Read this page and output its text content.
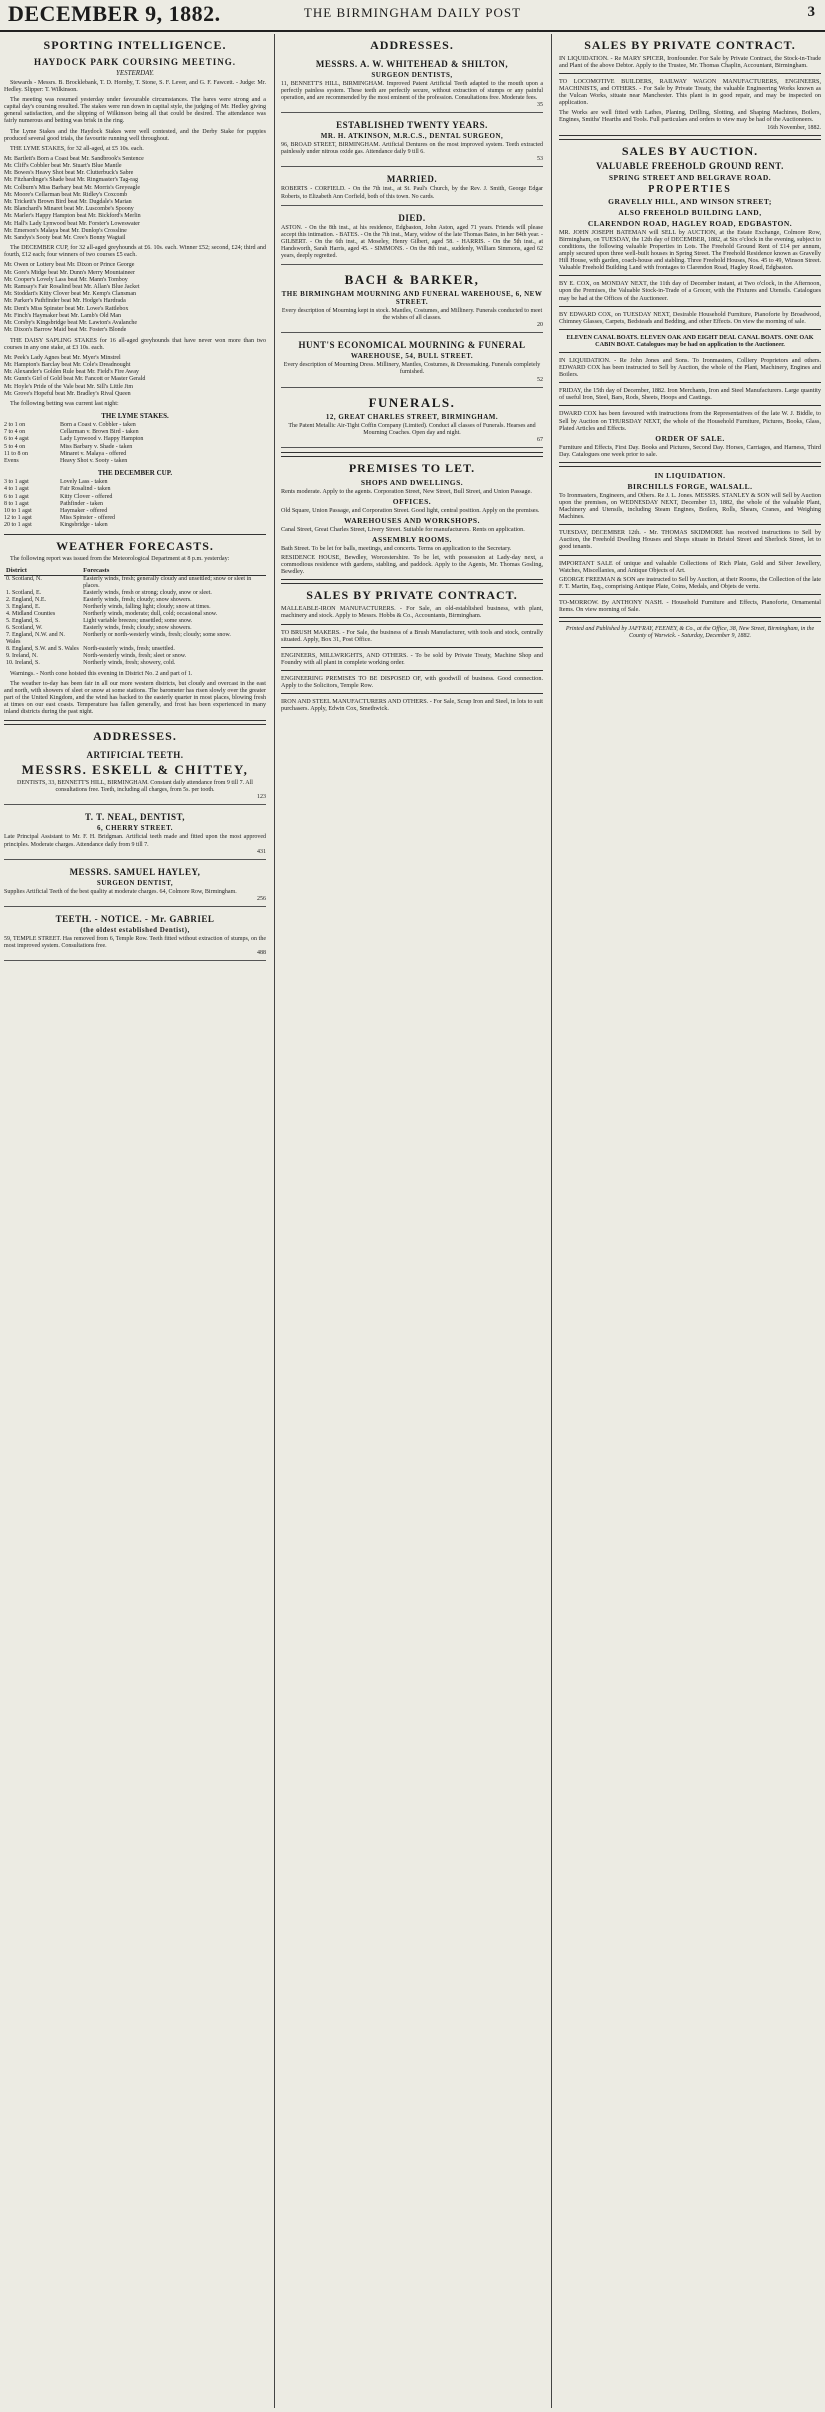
DECEMBER 9, 1882.	THE BIRMINGHAM DAILY POST	3
SPORTING INTELLIGENCE.
HAYDOCK PARK COURSING MEETING.
YESTERDAY.

Stewards - Messrs. B. Brocklebank, T. D. Hornby, T. Stone, S. F. Lever, and G. F. Fawcett. - Judge: Mr. Hedley. Slipper: T. Wilkinson.

The meeting was resumed yesterday under favourable circumstances. The hares were strong and a capital day's coursing resulted. The stakes were run down in capital style, the judging of Mr. Hedley giving general satisfaction, and the slipping of Wilkinson being all that could be desired. The attendance was fairly numerous and betting was brisk in the ring.

The Lyme Stakes and the Haydock Stakes were well contested, and the Derby Stake for puppies produced several good trials, the favourite running well throughout.

THE LYME STAKES, for 32 all-aged, at £5 10s. each.

Mr. Bartlett's Born a Coast beat Mr. Sandbrook's Sentence
Mr. Cliff's Cobbler beat Mr. Stuart's Blue Mantle
Mr. Bowes's Heavy Shot beat Mr. Clutterbuck's Sabre
Mr. Fitzhardinge's Shade beat Mr. Ringmaster's Tag-rag
Mr. Colburn's Miss Barbary beat Mr. Morris's Greyeagle
Mr. Moore's Cellarman beat Mr. Ridley's Coxcomb
Mr. Trickett's Brown Bird beat Mr. Dugdale's Marian
Mr. Blanchard's Minaret beat Mr. Luscombe's Spoony
Mr. Marler's Happy Hampton beat Mr. Bickford's Merlin
Mr. Hall's Lady Lynwood beat Mr. Forster's Loweswater
Mr. Emerson's Malaya beat Mr. Dunlop's Crossline
Mr. Sandys's Sooty beat Mr. Cree's Bonny Wagtail

The DECEMBER CUP, for 32 all-aged greyhounds at £6. 10s. each. Winner £52; second, £24; third and fourth, £12 each; four winners of two courses £5 each.

Mr. Owen or Lottery beat Mr. Dixon or Prince George
Mr. Gore's Midge beat Mr. Dunn's Merry Mountaineer
Mr. Cooper's Lovely Lass beat Mr. Mann's Tomboy
Mr. Ramsay's Fair Rosalind beat Mr. Allan's Blue Jacket
Mr. Stoddart's Kitty Clover beat Mr. Kemp's Clansman
Mr. Parker's Pathfinder beat Mr. Hodge's Hardrada
Mr. Dent's Miss Spinster beat Mr. Lowe's Rattlebox
Mr. Finch's Haymaker beat Mr. Lamb's Old Man
Mr. Corsby's Kingsbridge beat Mr. Lawton's Avalanche
Mr. Dixon's Barrow Maid beat Mr. Foster's Blonde

THE DAISY SAPLING STAKES for 16 all-aged greyhounds that have never won more than two courses in any one stake, at £3 10s. each.

Mr. Peek's Lady Agnes beat Mr. Myer's Minstrel
Mr. Hampton's Barclay beat Mr. Cole's Dreadnought
Mr. Alexander's Golden Rule beat Mr. Field's Fire Away
Mr. Gunn's Girl of Gold beat Mr. Fancott or Master Gerald
Mr. Hoyle's Pride of the Vale beat Mr. Sill's Little Jim
Mr. Grove's Hopeful beat Mr. Bradley's Rival Queen

The following betting was current last night:

THE LYME STAKES.
2 to 1 on	Born a Coast v. Cobbler - taken
7 to 4 on	Cellarman v. Brown Bird - taken
6 to 4 agst	Lady Lynwood v. Happy Hampton
5 to 4 on	Miss Barbary v. Shade - taken
11 to 8 on	Minaret v. Malaya - offered
Evens	Heavy Shot v. Sooty - taken
THE DECEMBER CUP.
3 to 1 agst	Lovely Lass - taken
4 to 1 agst	Fair Rosalind - taken
6 to 1 agst	Kitty Clover - offered
8 to 1 agst	Pathfinder - taken
10 to 1 agst	Haymaker - offered
12 to 1 agst	Miss Spinster - offered
20 to 1 agst	Kingsbridge - taken
WEATHER FORECASTS.

The following report was issued from the Meteorological Department at 8 p.m. yesterday:

District	Forecasts
0. Scotland, N.	Easterly winds, fresh; generally cloudy and unsettled; snow or sleet in places.
1. Scotland, E.	Easterly winds, fresh or strong; cloudy, snow or sleet.
2. England, N.E.	Easterly winds, fresh; cloudy; snow showers.
3. England, E.	Northerly winds, falling light; cloudy; snow at times.
4. Midland Counties	Northerly winds, moderate; dull, cold; occasional snow.
5. England, S.	Light variable breezes; unsettled; some snow.
6. Scotland, W.	Easterly winds, fresh; cloudy; snow showers.
7. England, N.W. and N. Wales	Northerly or north-westerly winds, fresh; cloudy; some snow.
8. England, S.W. and S. Wales	North-easterly winds, fresh; unsettled.
9. Ireland, N.	North-westerly winds, fresh; sleet or snow.
10. Ireland, S.	Northerly winds, fresh; showery, cold.

Warnings. - North cone hoisted this evening in District No. 2 and part of 1.

The weather to-day has been fair in all our more western districts, but cloudy and overcast in the east and north, with showers of sleet or snow at some stations. The barometer has risen slowly over the greater part of the United Kingdom, and the wind has backed to the easterly quarter in most places, blowing fresh at times on our east coasts. Temperature has fallen generally, and frost has been experienced in many inland districts during the past night.

ADDRESSES.
ARTIFICIAL TEETH.
MESSRS. ESKELL & CHITTEY,
DENTISTS, 33, BENNETT'S HILL, BIRMINGHAM. Constant daily attendance from 9 till 7. All consultations free. Teeth, including all charges, from 5s. per tooth.
123
T. T. NEAL, DENTIST,
6, CHERRY STREET.
Late Principal Assistant to Mr. F. H. Bridgman. Artificial teeth made and fitted upon the most approved principles. Moderate charges. Attendance daily from 9 till 7.
431
MESSRS. SAMUEL HAYLEY,
SURGEON DENTIST,
Supplies Artificial Teeth of the best quality at moderate charges. 64, Colmore Row, Birmingham.
256
TEETH. - NOTICE. - Mr. GABRIEL
(the oldest established Dentist),
59, TEMPLE STREET. Has removed from 6, Temple Row. Teeth fitted without extraction of stumps, on the most improved system. Consultations free.
488
ADDRESSES.
MESSRS. A. W. WHITEHEAD & SHILTON,
SURGEON DENTISTS,
11, BENNETT'S HILL, BIRMINGHAM. Improved Patent Artificial Teeth adapted to the mouth upon a perfectly painless system. These teeth are perfectly secure, without extraction of stumps or any painful operation, and are recommended by the most eminent of the profession. Consultations free. Moderate fees.
35
ESTABLISHED TWENTY YEARS.
MR. H. ATKINSON, M.R.C.S., DENTAL SURGEON,
96, BROAD STREET, BIRMINGHAM. Artificial Dentures on the most improved system. Teeth extracted painlessly under nitrous oxide gas. Attendance daily 9 till 6.
53
MARRIED.
ROBERTS - CORFIELD. - On the 7th inst., at St. Paul's Church, by the Rev. J. Smith, George Edgar Roberts, to Elizabeth Ann Corfield, both of this town. No cards.
DIED.
ASTON. - On the 8th inst., at his residence, Edgbaston, John Aston, aged 71 years. Friends will please accept this intimation. - BATES. - On the 7th inst., Mary, widow of the late Thomas Bates, in her 84th year. - GILBERT. - On the 6th inst., at Moseley, Henry Gilbert, aged 58. - HARRIS. - On the 5th inst., at Handsworth, Sarah Harris, aged 45. - SIMMONS. - On the 8th inst., suddenly, William Simmons, aged 62 years, deeply regretted.
BACH & BARKER,
THE BIRMINGHAM MOURNING AND FUNERAL WAREHOUSE, 6, NEW STREET.
Every description of Mourning kept in stock. Mantles, Costumes, and Millinery. Funerals conducted to meet the wishes of all classes.
20
HUNT'S ECONOMICAL MOURNING & FUNERAL
WAREHOUSE, 54, BULL STREET.
Every description of Mourning Dress. Millinery, Mantles, Costumes, & Dressmaking. Funerals completely furnished.
52
FUNERALS.
12, GREAT CHARLES STREET, BIRMINGHAM.
The Patent Metallic Air-Tight Coffin Company (Limited). Conduct all classes of Funerals. Hearses and Mourning Coaches. Open day and night.
67
PREMISES TO LET.
SHOPS AND DWELLINGS.

Rents moderate. Apply to the agents. Corporation Street, New Street, Bull Street, and Union Passage.

OFFICES.

Old Square, Union Passage, and Corporation Street. Good light, central position. Apply on the premises.

WAREHOUSES AND WORKSHOPS.

Canal Street, Great Charles Street, Livery Street. Suitable for manufacturers. Rents on application.

ASSEMBLY ROOMS.

Bath Street. To be let for balls, meetings, and concerts. Terms on application to the Secretary.

RESIDENCE HOUSE, Bewdley, Worcestershire. To be let, with possession at Lady-day next, a commodious residence with gardens, stabling, and paddock. Apply to the Agents, Mr. Thomas Gosling, Bewdley.

SALES BY PRIVATE CONTRACT.

MALLEABLE-IRON MANUFACTURERS. - For Sale, an old-established business, with plant, machinery and stock. Apply to Messrs. Hobbs & Co., Accountants, Birmingham.

TO BRUSH MAKERS. - For Sale, the business of a Brush Manufacturer, with tools and stock, centrally situated. Apply, Box 31, Post Office.

ENGINEERS, MILLWRIGHTS, AND OTHERS. - To be sold by Private Treaty, Machine Shop and Foundry with all plant in complete working order.

ENGINEERING PREMISES TO BE DISPOSED OF, with goodwill of business. Good connection. Apply to the Solicitors, Temple Row.

IRON AND STEEL MANUFACTURERS AND OTHERS. - For Sale, Scrap Iron and Steel, in lots to suit purchasers. Apply, Edwin Cox, Smethwick.

SALES BY PRIVATE CONTRACT.

IN LIQUIDATION. - Re MARY SPICER, Ironfounder. For Sale by Private Contract, the Stock-in-Trade and Plant of the above Debtor. Apply to the Trustee, Mr. Thomas Chaplin, Accountant, Birmingham.

TO LOCOMOTIVE BUILDERS, RAILWAY WAGON MANUFACTURERS, ENGINEERS, MACHINISTS, and OTHERS. - For Sale by Private Treaty, the valuable Engineering Works known as the Vulcan Works, situate near Manchester. This plant is in good repair, and may be inspected on application.

The Works are well fitted with Lathes, Planing, Drilling, Slotting, and Shaping Machines, Boilers, Engines, Smiths' Hearths and Tools. Full particulars and orders to view may be had of the Auctioneers.

16th November, 1882.
SALES BY AUCTION.
VALUABLE FREEHOLD GROUND RENT.
SPRING STREET AND BELGRAVE ROAD.
PROPERTIES
GRAVELLY HILL, AND WINSON STREET;
ALSO FREEHOLD BUILDING LAND,
CLARENDON ROAD, HAGLEY ROAD, EDGBASTON.

MR. JOHN JOSEPH BATEMAN will SELL by AUCTION, at the Estate Exchange, Colmore Row, Birmingham, on TUESDAY, the 12th day of DECEMBER, 1882, at Six o'clock in the evening, subject to conditions, the following valuable Properties in Lots. The Freehold Ground Rent of £14 per annum, amply secured upon three well-built houses in Spring Street. The Freehold Residence known as Gravelly Hill House, with garden, coach-house and stabling. Three Freehold Houses, Nos. 45 to 49, Winson Street. Valuable Freehold Building Land with frontages to Clarendon Road, Hagley Road, Edgbaston.

BY E. COX, on MONDAY NEXT, the 11th day of December instant, at Two o'clock, in the Afternoon, upon the Premises, the Valuable Stock-in-Trade of a Grocer, with the Fixtures and Utensils. Catalogues may be had at the Offices of the Auctioneer.

BY EDWARD COX, on TUESDAY NEXT, Desirable Household Furniture, Pianoforte by Broadwood, Chimney Glasses, Carpets, Bedsteads and Bedding, and other Effects. On view the morning of sale.

ELEVEN CANAL BOATS. ELEVEN OAK AND EIGHT DEAL CANAL BOATS. ONE OAK CABIN BOAT. Catalogues may be had on application to the Auctioneer.

IN LIQUIDATION. - Re John Jones and Sons. To Ironmasters, Colliery Proprietors and others. EDWARD COX has been instructed to Sell by Auction, the whole of the Plant, Machinery, Engines and Boilers.

FRIDAY, the 15th day of December, 1882. Iron Merchants, Iron and Steel Manufacturers. Large quantity of useful Iron, Steel, Bars, Rods, Sheets, Hoops and Castings.

DWARD COX has been favoured with instructions from the Representatives of the late W. J. Biddle, to Sell by Auction on THURSDAY NEXT, the whole of the Household Furniture, Pictures, Books, Glass, Plated Articles and Effects.

ORDER OF SALE.

Furniture and Effects, First Day. Books and Pictures, Second Day. Horses, Carriages, and Harness, Third Day. Catalogues one week prior to sale.

IN LIQUIDATION.
BIRCHILLS FORGE, WALSALL.

To Ironmasters, Engineers, and Others. Re J. L. Jones. MESSRS. STANLEY & SON will Sell by Auction upon the premises, on WEDNESDAY NEXT, December 13, 1882, the whole of the valuable Plant, Machinery and Utensils, including Steam Engines, Boilers, Rolls, Shears, Cranes, and Weighing Machines.

TUESDAY, DECEMBER 12th. - Mr. THOMAS SKIDMORE has received instructions to Sell by Auction, the Freehold Dwelling Houses and Shops situate in Bristol Street and Sherlock Street, let to good tenants.

IMPORTANT SALE of unique and valuable Collections of Rich Plate, Gold and Silver Jewellery, Watches, Miscellanies, and Antique Objects of Art.

GEORGE FREEMAN & SON are instructed to Sell by Auction, at their Rooms, the Collection of the late F. T. Martin, Esq., comprising Antique Plate, Coins, Medals, and Objets de vertu.

TO-MORROW. By ANTHONY NASH. - Household Furniture and Effects, Pianoforte, Ornamental Items. On view morning of Sale.

Printed and Published by JAFFRAY, FEENEY, & Co., at the Office, 38, New Street, Birmingham, in the County of Warwick. - Saturday, December 9, 1882.
